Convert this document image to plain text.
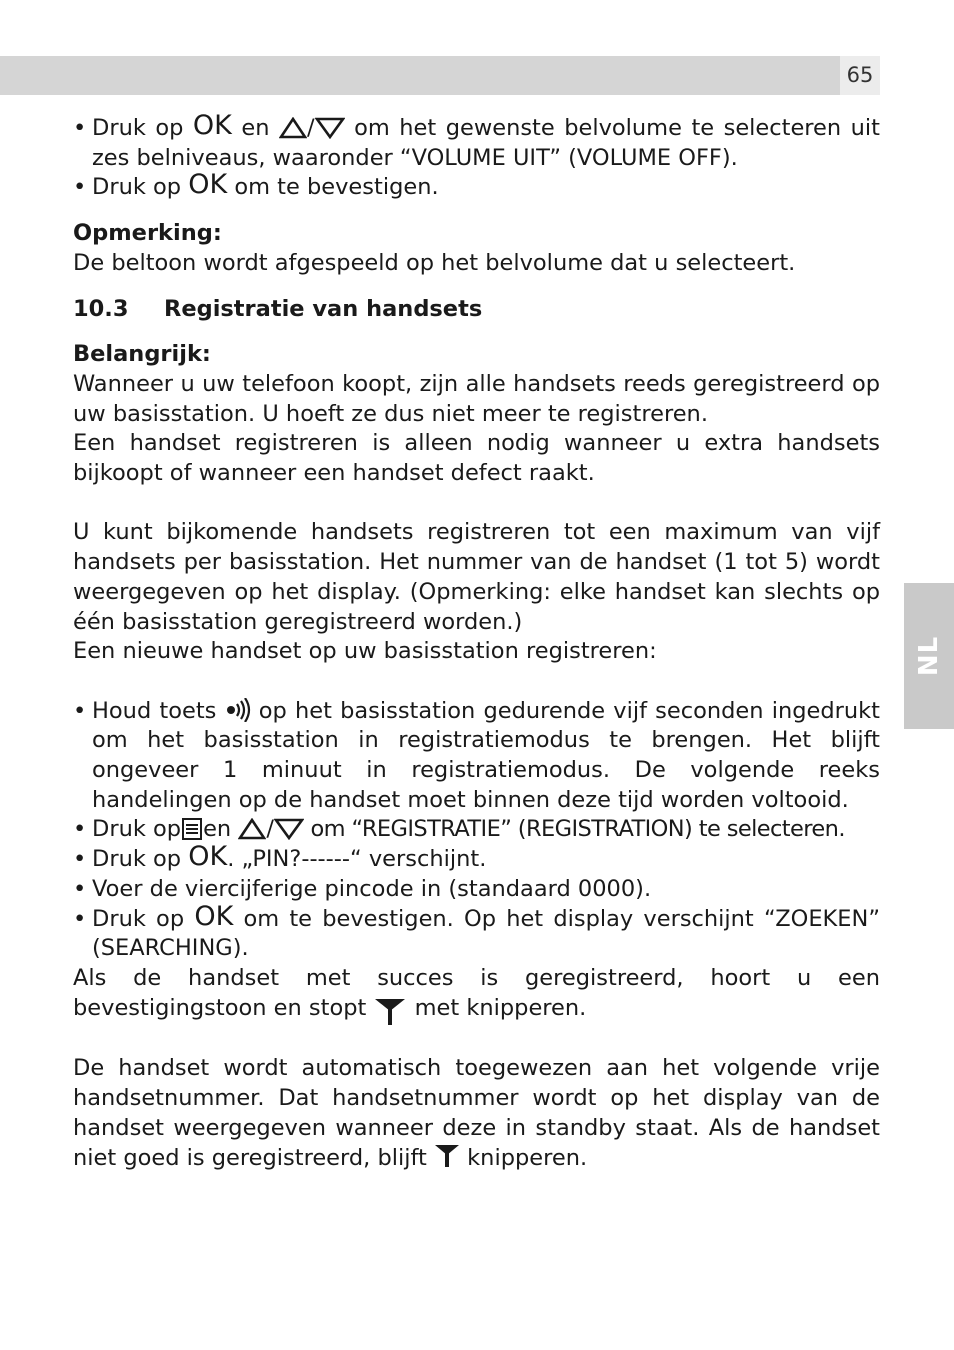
65
NL

• Druk op OK en / om het gewenste belvolume te selecteren uit zes belniveaus, waaronder “VOLUME UIT” (VOLUME OFF).

• Druk op OK om te bevestigen.

Opmerking:

De beltoon wordt afgespeeld op het belvolume dat u selecteert.

10.3 Registratie van handsets

Belangrijk:

Wanneer u uw telefoon koopt, zijn alle handsets reeds geregistreerd op uw basisstation. U hoeft ze dus niet meer te registreren.

Een handset registreren is alleen nodig wanneer u extra handsets bijkoopt of wanneer een handset defect raakt.

U kunt bijkomende handsets registreren tot een maximum van vijf handsets per basisstation. Het nummer van de handset (1 tot 5) wordt weergegeven op het display. (Opmerking: elke handset kan slechts op één basisstation geregistreerd worden.)

Een nieuwe handset op uw basisstation registreren:

• Houd toets  op het basisstation gedurende vijf seconden ingedrukt om het basisstation in registratiemodus te brengen. Het blijft ongeveer 1 minuut in registratiemodus. De volgende reeks handelingen op de handset moet binnen deze tijd worden voltooid.

• Druk op en / om “REGISTRATIE” (REGISTRATION) te selecteren.

• Druk op OK. „PIN?------“ verschijnt.

• Voer de viercijferige pincode in (standaard 0000).

• Druk op OK om te bevestigen. Op het display verschijnt “ZOEKEN” (SEARCHING).

Als de handset met succes is geregistreerd, hoort u een bevestigingstoon en stopt  met knipperen.

De handset wordt automatisch toegewezen aan het volgende vrije handsetnummer. Dat handsetnummer wordt op het display van de handset weergegeven wanneer deze in standby staat. Als de handset niet goed is geregistreerd, blijft  knipperen.
